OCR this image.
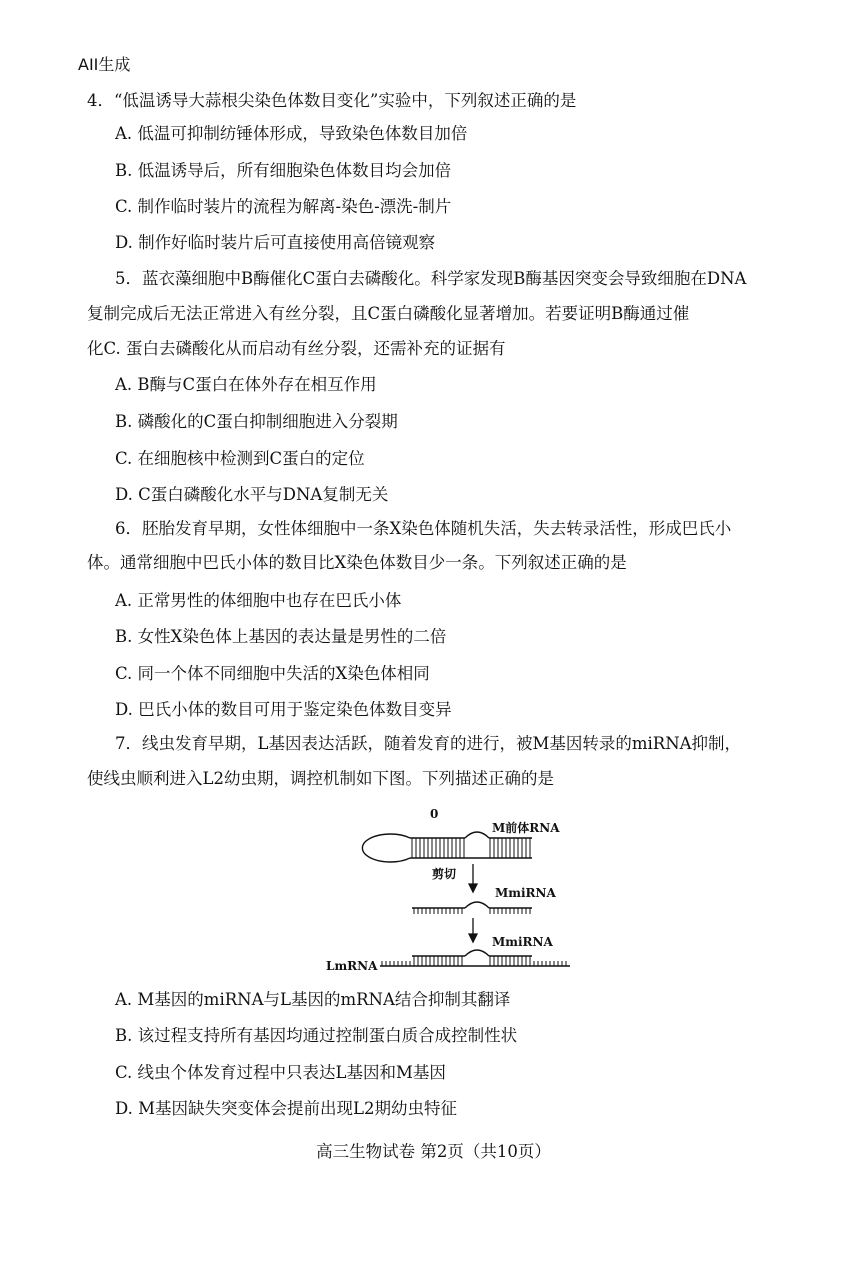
AII生成
4．“低温诱导大蒜根尖染色体数目变化”实验中，下列叙述正确的是
A. 低温可抑制纺锤体形成，导致染色体数目加倍
B. 低温诱导后，所有细胞染色体数目均会加倍
C. 制作临时装片的流程为解离-染色-漂洗-制片
D. 制作好临时装片后可直接使用高倍镜观察
5．蓝衣藻细胞中B酶催化C蛋白去磷酸化。科学家发现B酶基因突变会导致细胞在DNA
复制完成后无法正常进入有丝分裂，且C蛋白磷酸化显著增加。若要证明B酶通过催
化C. 蛋白去磷酸化从而启动有丝分裂，还需补充的证据有
A. B酶与C蛋白在体外存在相互作用
B. 磷酸化的C蛋白抑制细胞进入分裂期
C. 在细胞核中检测到C蛋白的定位
D. C蛋白磷酸化水平与DNA复制无关
6．胚胎发育早期，女性体细胞中一条X染色体随机失活，失去转录活性，形成巴氏小
体。通常细胞中巴氏小体的数目比X染色体数目少一条。下列叙述正确的是
A. 正常男性的体细胞中也存在巴氏小体
B. 女性X染色体上基因的表达量是男性的二倍
C. 同一个体不同细胞中失活的X染色体相同
D. 巴氏小体的数目可用于鉴定染色体数目变异
7．线虫发育早期，L基因表达活跃，随着发育的进行，被M基因转录的miRNA抑制，
使线虫顺利进入L2幼虫期，调控机制如下图。下列描述正确的是
0
M前体RNA
剪切
MmiRNA
MmiRNA
LmRNA
A. M基因的miRNA与L基因的mRNA结合抑制其翻译
B. 该过程支持所有基因均通过控制蛋白质合成控制性状
C. 线虫个体发育过程中只表达L基因和M基因
D. M基因缺失突变体会提前出现L2期幼虫特征
高三生物试卷 第2页（共10页）
